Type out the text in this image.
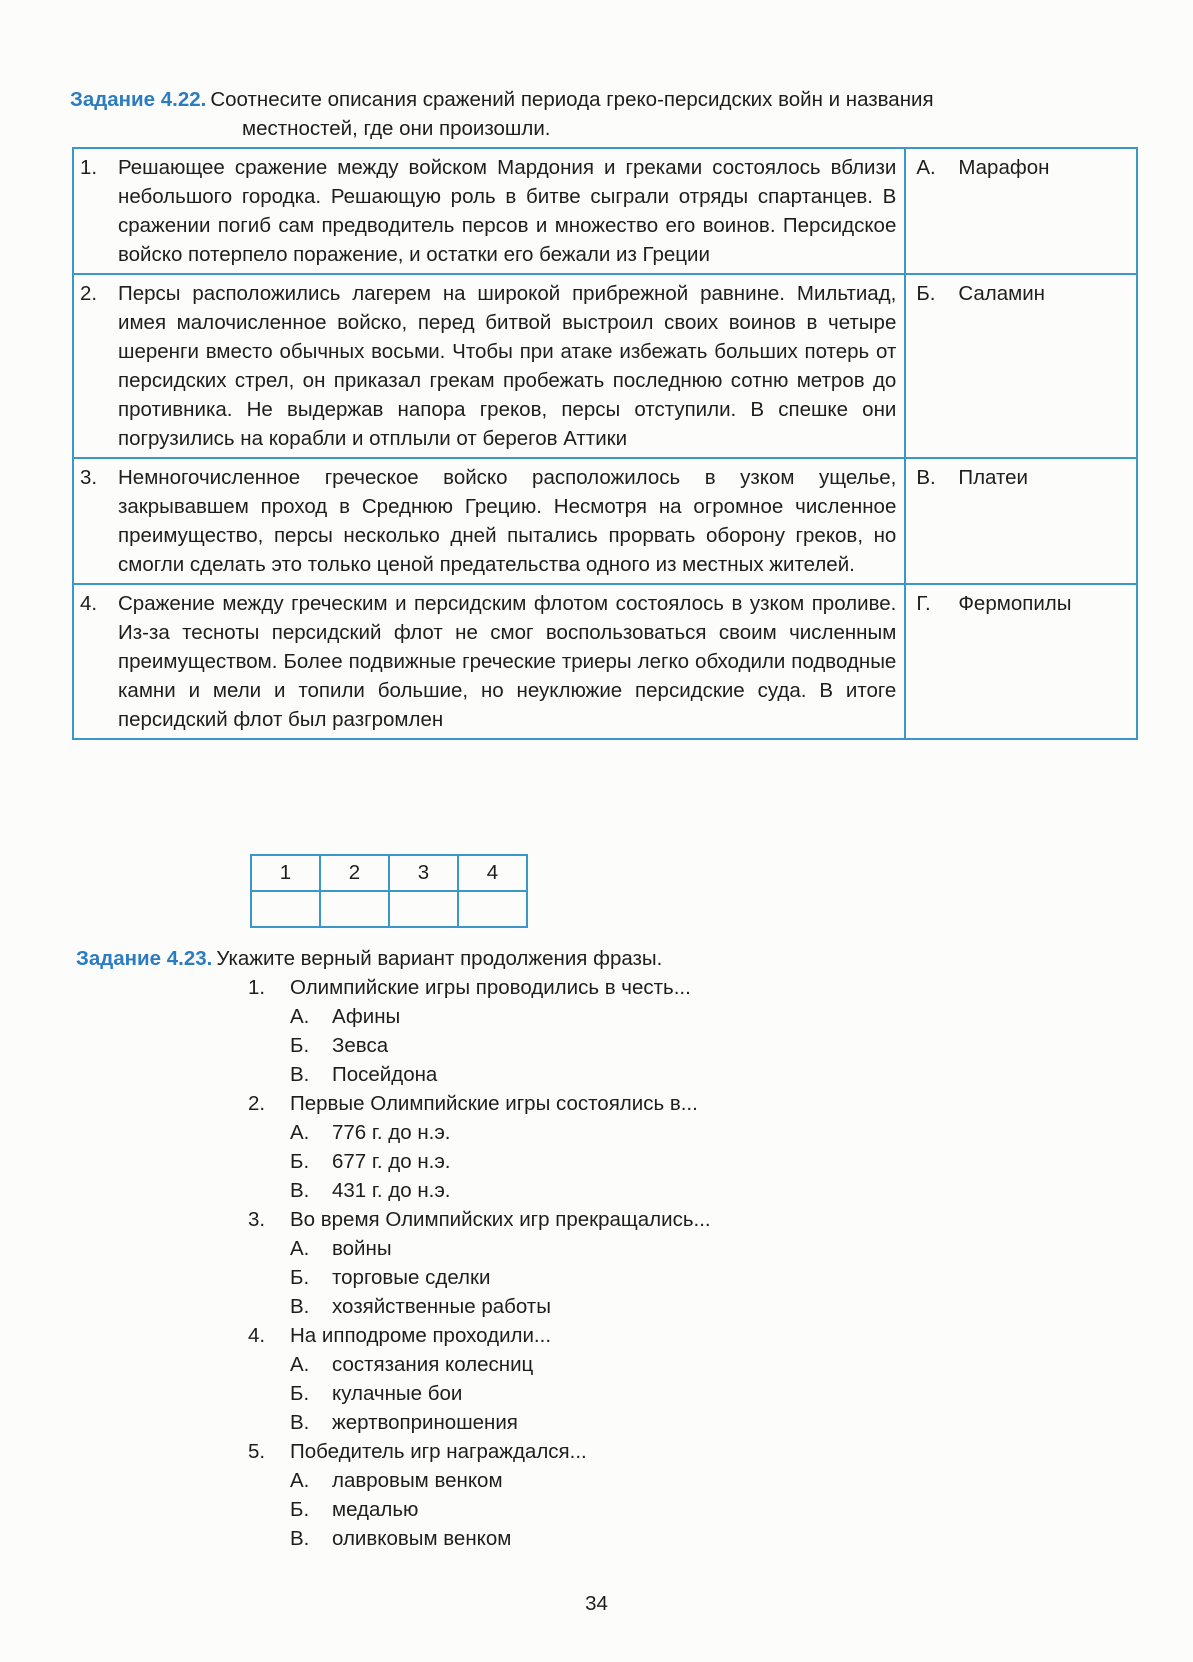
Задание 4.22. Соотнесите описания сражений периода греко-персидских войн и названия
местностей, где они произошли.
1. Решающее сражение между войском Мардония и греками состоялось вблизи небольшого городка. Решающую роль в битве сыграли отряды спартанцев. В сражении погиб сам предводитель персов и множество его воинов. Персидское войско потерпело поражение, и остатки его бежали из Греции	А. Марафон

2. Персы расположились лагерем на широкой прибрежной равнине. Мильтиад, имея малочисленное войско, перед битвой выстроил своих воинов в четыре шеренги вместо обычных восьми. Чтобы при атаке избежать больших потерь от персидских стрел, он приказал грекам пробежать последнюю сотню метров до противника. Не выдержав напора греков, персы отступили. В спешке они погрузились на корабли и отплыли от берегов Аттики	Б. Саламин

3. Немногочисленное греческое войско расположилось в узком ущелье, закрывавшем проход в Среднюю Грецию. Несмотря на огромное численное преимущество, персы несколько дней пытались прорвать оборону греков, но смогли сделать это только ценой предательства одного из местных жителей.	В. Платеи

4. Сражение между греческим и персидским флотом состоялось в узком проливе. Из-за тесноты персидский флот не смог воспользоваться своим численным преимуществом. Более подвижные греческие триеры легко обходили подводные камни и мели и топили большие, но неуклюжие персидские суда. В итоге персидский флот был разгромлен	Г. Фермопилы
1	2	3	4

Задание 4.23. Укажите верный вариант продолжения фразы.
1.	Олимпийские игры проводились в честь...
А.	Афины
Б.	Зевса
В.	Посейдона
2.	Первые Олимпийские игры состоялись в...
А.	776 г. до н.э.
Б.	677 г. до н.э.
В.	431 г. до н.э.
3.	Во время Олимпийских игр прекращались...
А.	войны
Б.	торговые сделки
В.	хозяйственные работы
4.	На ипподроме проходили...
А.	состязания колесниц
Б.	кулачные бои
В.	жертвоприношения
5.	Победитель игр награждался...
А.	лавровым венком
Б.	медалью
В.	оливковым венком
34
